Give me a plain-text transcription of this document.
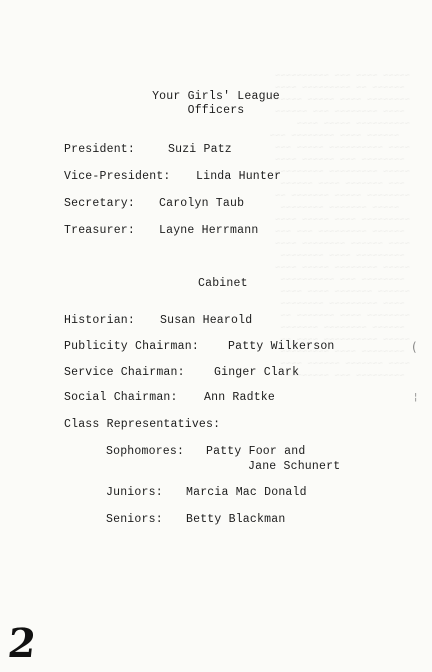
~~~~~ ~~~~ ~~~ ~~~~~~~~~~
~~~~~~ ~~ ~~~~~~~~~ ~~~~
~~~~~~~~ ~~~~ ~~~~~ ~~~~~~~
~~~~ ~~~~~~~~ ~~~ ~~~~~~
~~~~~~~~~~ ~~~~~ ~~~~
~~~~~~ ~~~~ ~~~~~~~~ ~~~
~~~~ ~~~~~~~~~~ ~~~~~ ~~~
~~~~~~~~ ~~~ ~~~~~~ ~~~~
~~~~~ ~~~~~~~~~ ~~~~~~~~~
~~~ ~~~~~~~ ~~~~ ~~~~~~
~~~~~~~~ ~~~~~ ~~~~~~~ ~~
~~~~~ ~~~~~~~ ~~~~~~~~
~~~~~~~~~ ~~~~ ~~~~~ ~~~~
~~~~~~ ~~~~~~~~~ ~~~ ~~~
~~~~ ~~~~~~ ~~~~~~~~ ~~~~
~~~~~~~~~ ~~~~ ~~~~~~~~
~~~~~ ~~~~~~~~ ~~~~~ ~~~~
~~~~~~~~ ~~~ ~~~~~~~~~~
~~~~~~ ~~~~~~~ ~~~~ ~~~~
~~~~ ~~~~~~~~~ ~~~~~~~~
~~~~~~~~ ~~~~ ~~~~~~~ ~~
~~~~~~ ~~~~~~~~ ~~~~~~~
~~~~~ ~~~~~~~~~~ ~~~~ ~~
~~~~~~~~ ~~~~ ~~~~~~~~~
~~~~ ~~~~~~~ ~~~~~~ ~~~~
~~~~~~~~~ ~~~ ~~~~~~~~
Your Girls' League
Officers
President:	Suzi Patz
Vice-President: Linda Hunter
Secretary: Carolyn Taub
Treasurer: Layne Herrmann
Cabinet
Historian: Susan Hearold
Publicity Chairman:	Patty Wilkerson
Service Chairman:	Ginger Clark
Social Chairman: Ann Radtke
Class Representatives:
Sophomores: Patty Foor and
Jane Schunert
Juniors: Marcia Mac Donald
Seniors: Betty Blackman
(
¦
2
